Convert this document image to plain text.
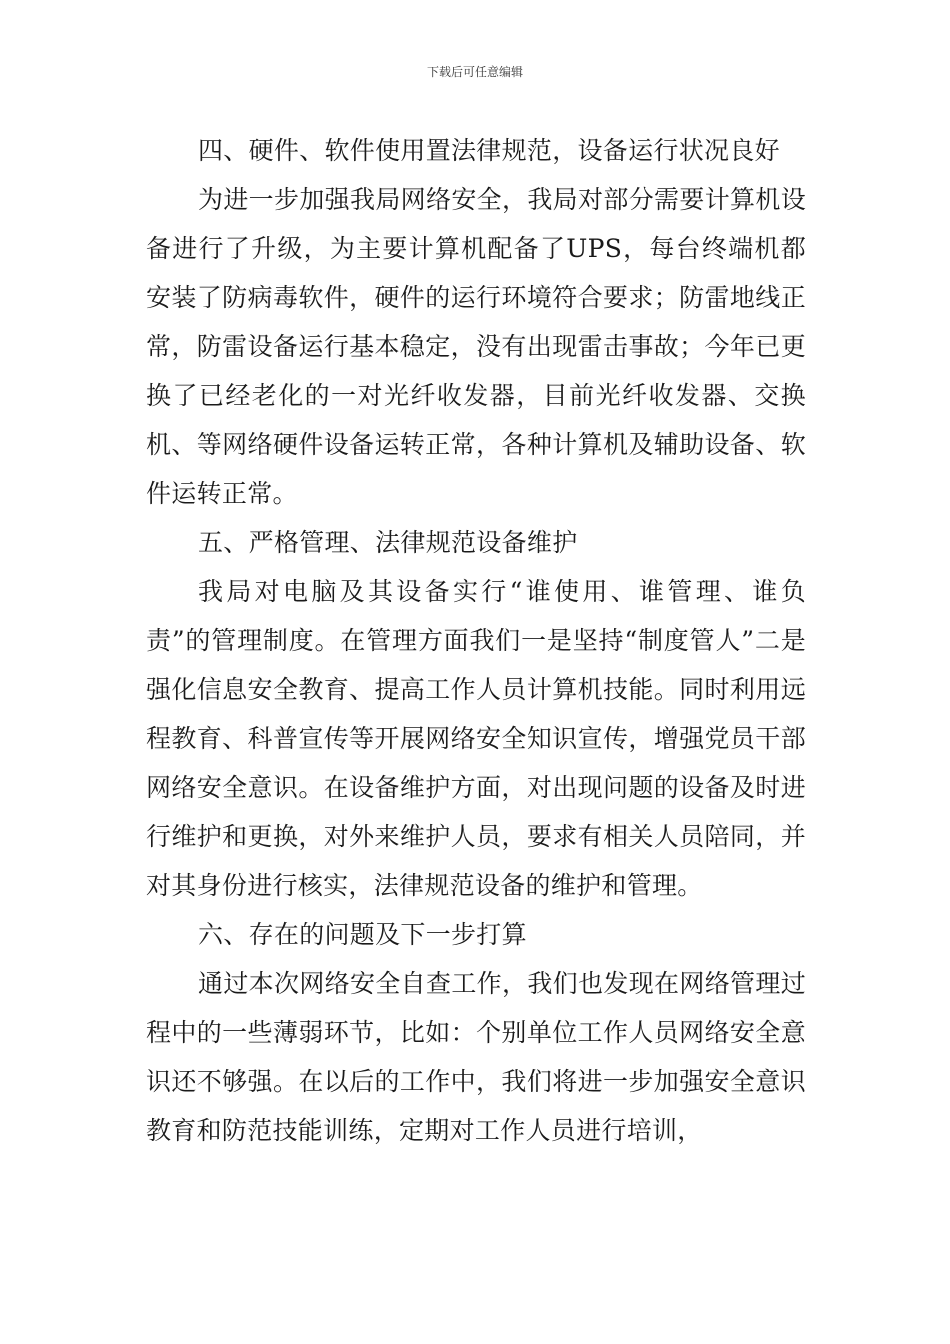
下载后可任意编辑

四、硬件、软件使用置法律规范，设备运行状况良好

为进一步加强我局网络安全，我局对部分需要计算机设备进行了升级，为主要计算机配备了UPS，每台终端机都安装了防病毒软件，硬件的运行环境符合要求；防雷地线正常，防雷设备运行基本稳定，没有出现雷击事故；今年已更换了已经老化的一对光纤收发器，目前光纤收发器、交换机、等网络硬件设备运转正常，各种计算机及辅助设备、软件运转正常。

五、严格管理、法律规范设备维护

我局对电脑及其设备实行“谁使用、谁管理、谁负责”的管理制度。在管理方面我们一是坚持“制度管人”二是强化信息安全教育、提高工作人员计算机技能。同时利用远程教育、科普宣传等开展网络安全知识宣传，增强党员干部网络安全意识。在设备维护方面，对出现问题的设备及时进行维护和更换，对外来维护人员，要求有相关人员陪同，并对其身份进行核实，法律规范设备的维护和管理。

六、存在的问题及下一步打算

通过本次网络安全自查工作，我们也发现在网络管理过程中的一些薄弱环节，比如：个别单位工作人员网络安全意识还不够强。在以后的工作中，我们将进一步加强安全意识教育和防范技能训练，定期对工作人员进行培训，
